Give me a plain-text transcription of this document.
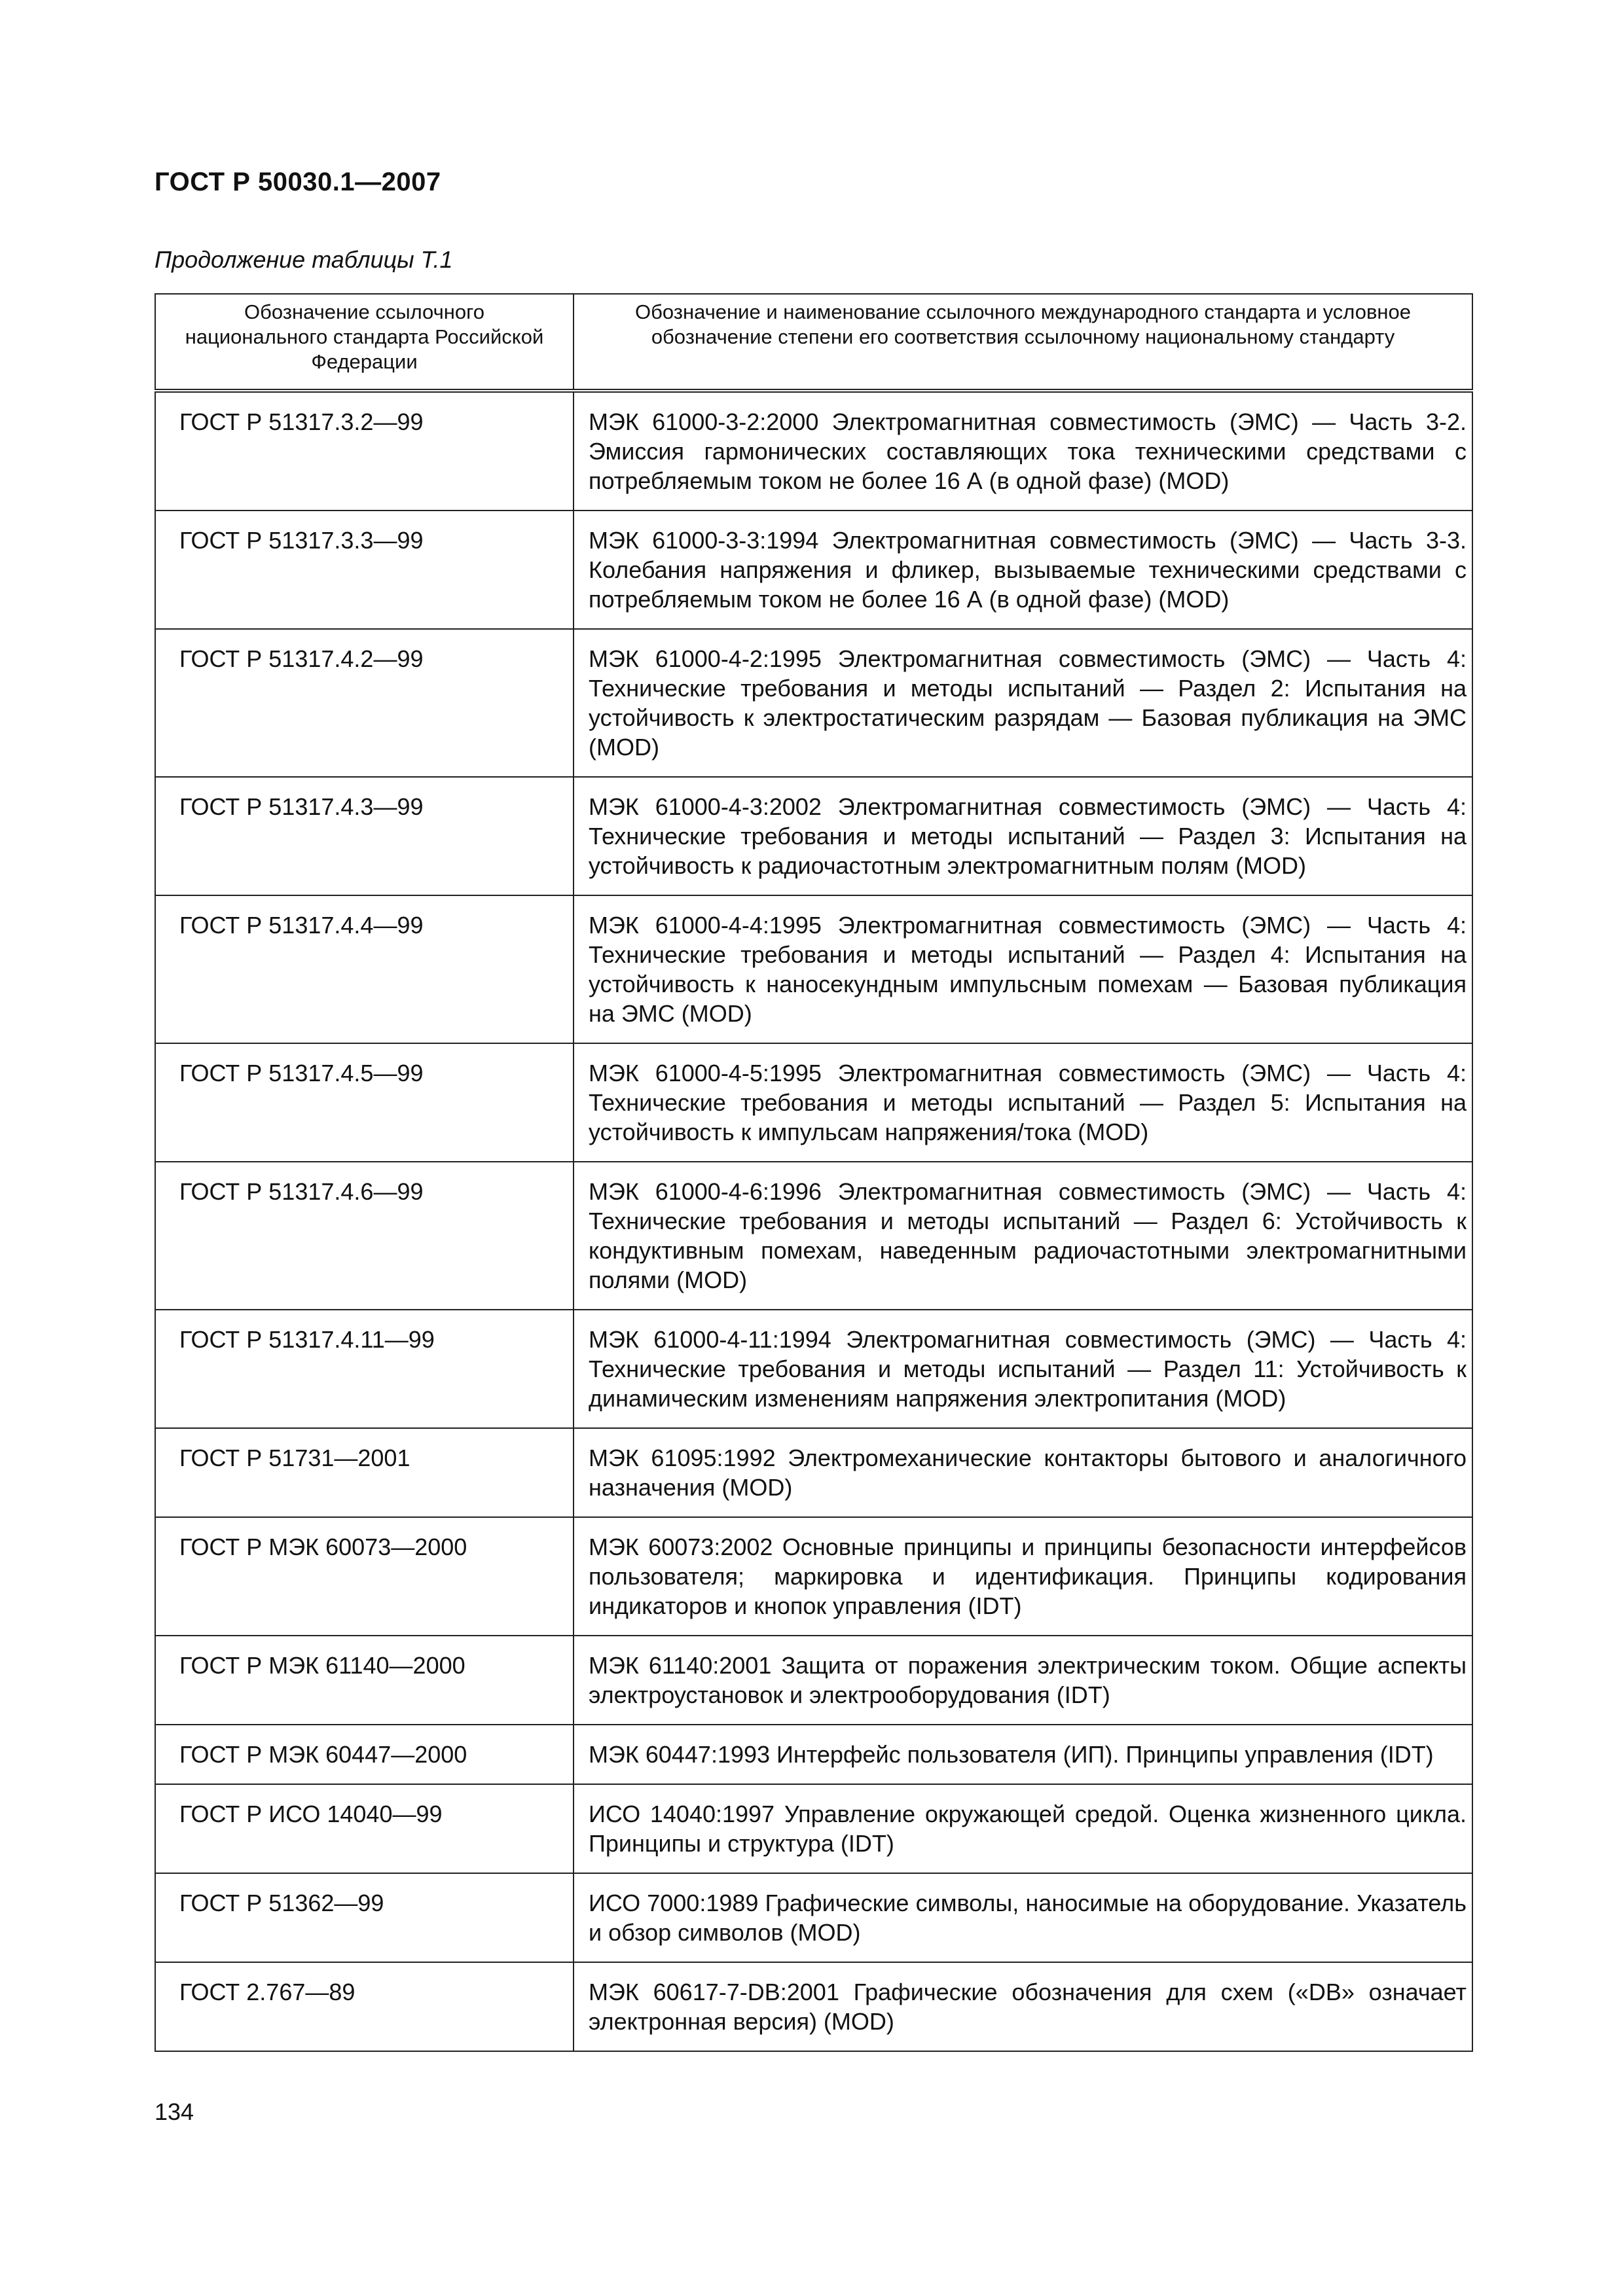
ГОСТ Р 50030.1—2007
Продолжение таблицы Т.1
Обозначение ссылочного национального стандарта Российской Федерации	Обозначение и наименование ссылочного международного стандарта и условное обозначение степени его соответствия ссылочному национальному стандарту
ГОСТ Р 51317.3.2—99	МЭК 61000-3-2:2000 Электромагнитная совместимость (ЭМС) — Часть 3-2. Эмиссия гармонических составляющих тока техническими средствами с потребляемым током не более 16 А (в одной фазе) (MOD)
ГОСТ Р 51317.3.3—99	МЭК 61000-3-3:1994 Электромагнитная совместимость (ЭМС) — Часть 3-3. Колебания напряжения и фликер, вызываемые техническими средствами с потребляемым током не более 16 А (в одной фазе) (MOD)
ГОСТ Р 51317.4.2—99	МЭК 61000-4-2:1995 Электромагнитная совместимость (ЭМС) — Часть 4: Технические требования и методы испытаний — Раздел 2: Испытания на устойчивость к электростатическим разрядам — Базовая публикация на ЭМС (MOD)
ГОСТ Р 51317.4.3—99	МЭК 61000-4-3:2002 Электромагнитная совместимость (ЭМС) — Часть 4: Технические требования и методы испытаний — Раздел 3: Испытания на устойчивость к радиочастотным электромагнитным полям (MOD)
ГОСТ Р 51317.4.4—99	МЭК 61000-4-4:1995 Электромагнитная совместимость (ЭМС) — Часть 4: Технические требования и методы испытаний — Раздел 4: Испытания на устойчивость к наносекундным импульсным помехам — Базовая публикация на ЭМС (MOD)
ГОСТ Р 51317.4.5—99	МЭК 61000-4-5:1995 Электромагнитная совместимость (ЭМС) — Часть 4: Технические требования и методы испытаний — Раздел 5: Испытания на устойчивость к импульсам напряжения/тока (MOD)
ГОСТ Р 51317.4.6—99	МЭК 61000-4-6:1996 Электромагнитная совместимость (ЭМС) — Часть 4: Технические требования и методы испытаний — Раздел 6: Устойчивость к кондуктивным помехам, наведенным радиочастотными электромагнитными полями (MOD)
ГОСТ Р 51317.4.11—99	МЭК 61000-4-11:1994 Электромагнитная совместимость (ЭМС) — Часть 4: Технические требования и методы испытаний — Раздел 11: Устойчивость к динамическим изменениям напряжения электропитания (MOD)
ГОСТ Р 51731—2001	МЭК 61095:1992 Электромеханические контакторы бытового и аналогичного назначения (MOD)
ГОСТ Р МЭК 60073—2000	МЭК 60073:2002 Основные принципы и принципы безопасности интерфейсов пользователя; маркировка и идентификация. Принципы кодирования индикаторов и кнопок управления (IDT)
ГОСТ Р МЭК 61140—2000	МЭК 61140:2001 Защита от поражения электрическим током. Общие аспекты электроустановок и электрооборудования (IDT)
ГОСТ Р МЭК 60447—2000	МЭК 60447:1993 Интерфейс пользователя (ИП). Принципы управления (IDT)
ГОСТ Р ИСО 14040—99	ИСО 14040:1997 Управление окружающей средой. Оценка жизненного цикла. Принципы и структура (IDT)
ГОСТ Р 51362—99	ИСО 7000:1989 Графические символы, наносимые на оборудование. Указатель и обзор символов (MOD)
ГОСТ 2.767—89	МЭК 60617-7-DB:2001 Графические обозначения для схем («DB» означает электронная версия) (MOD)
134
